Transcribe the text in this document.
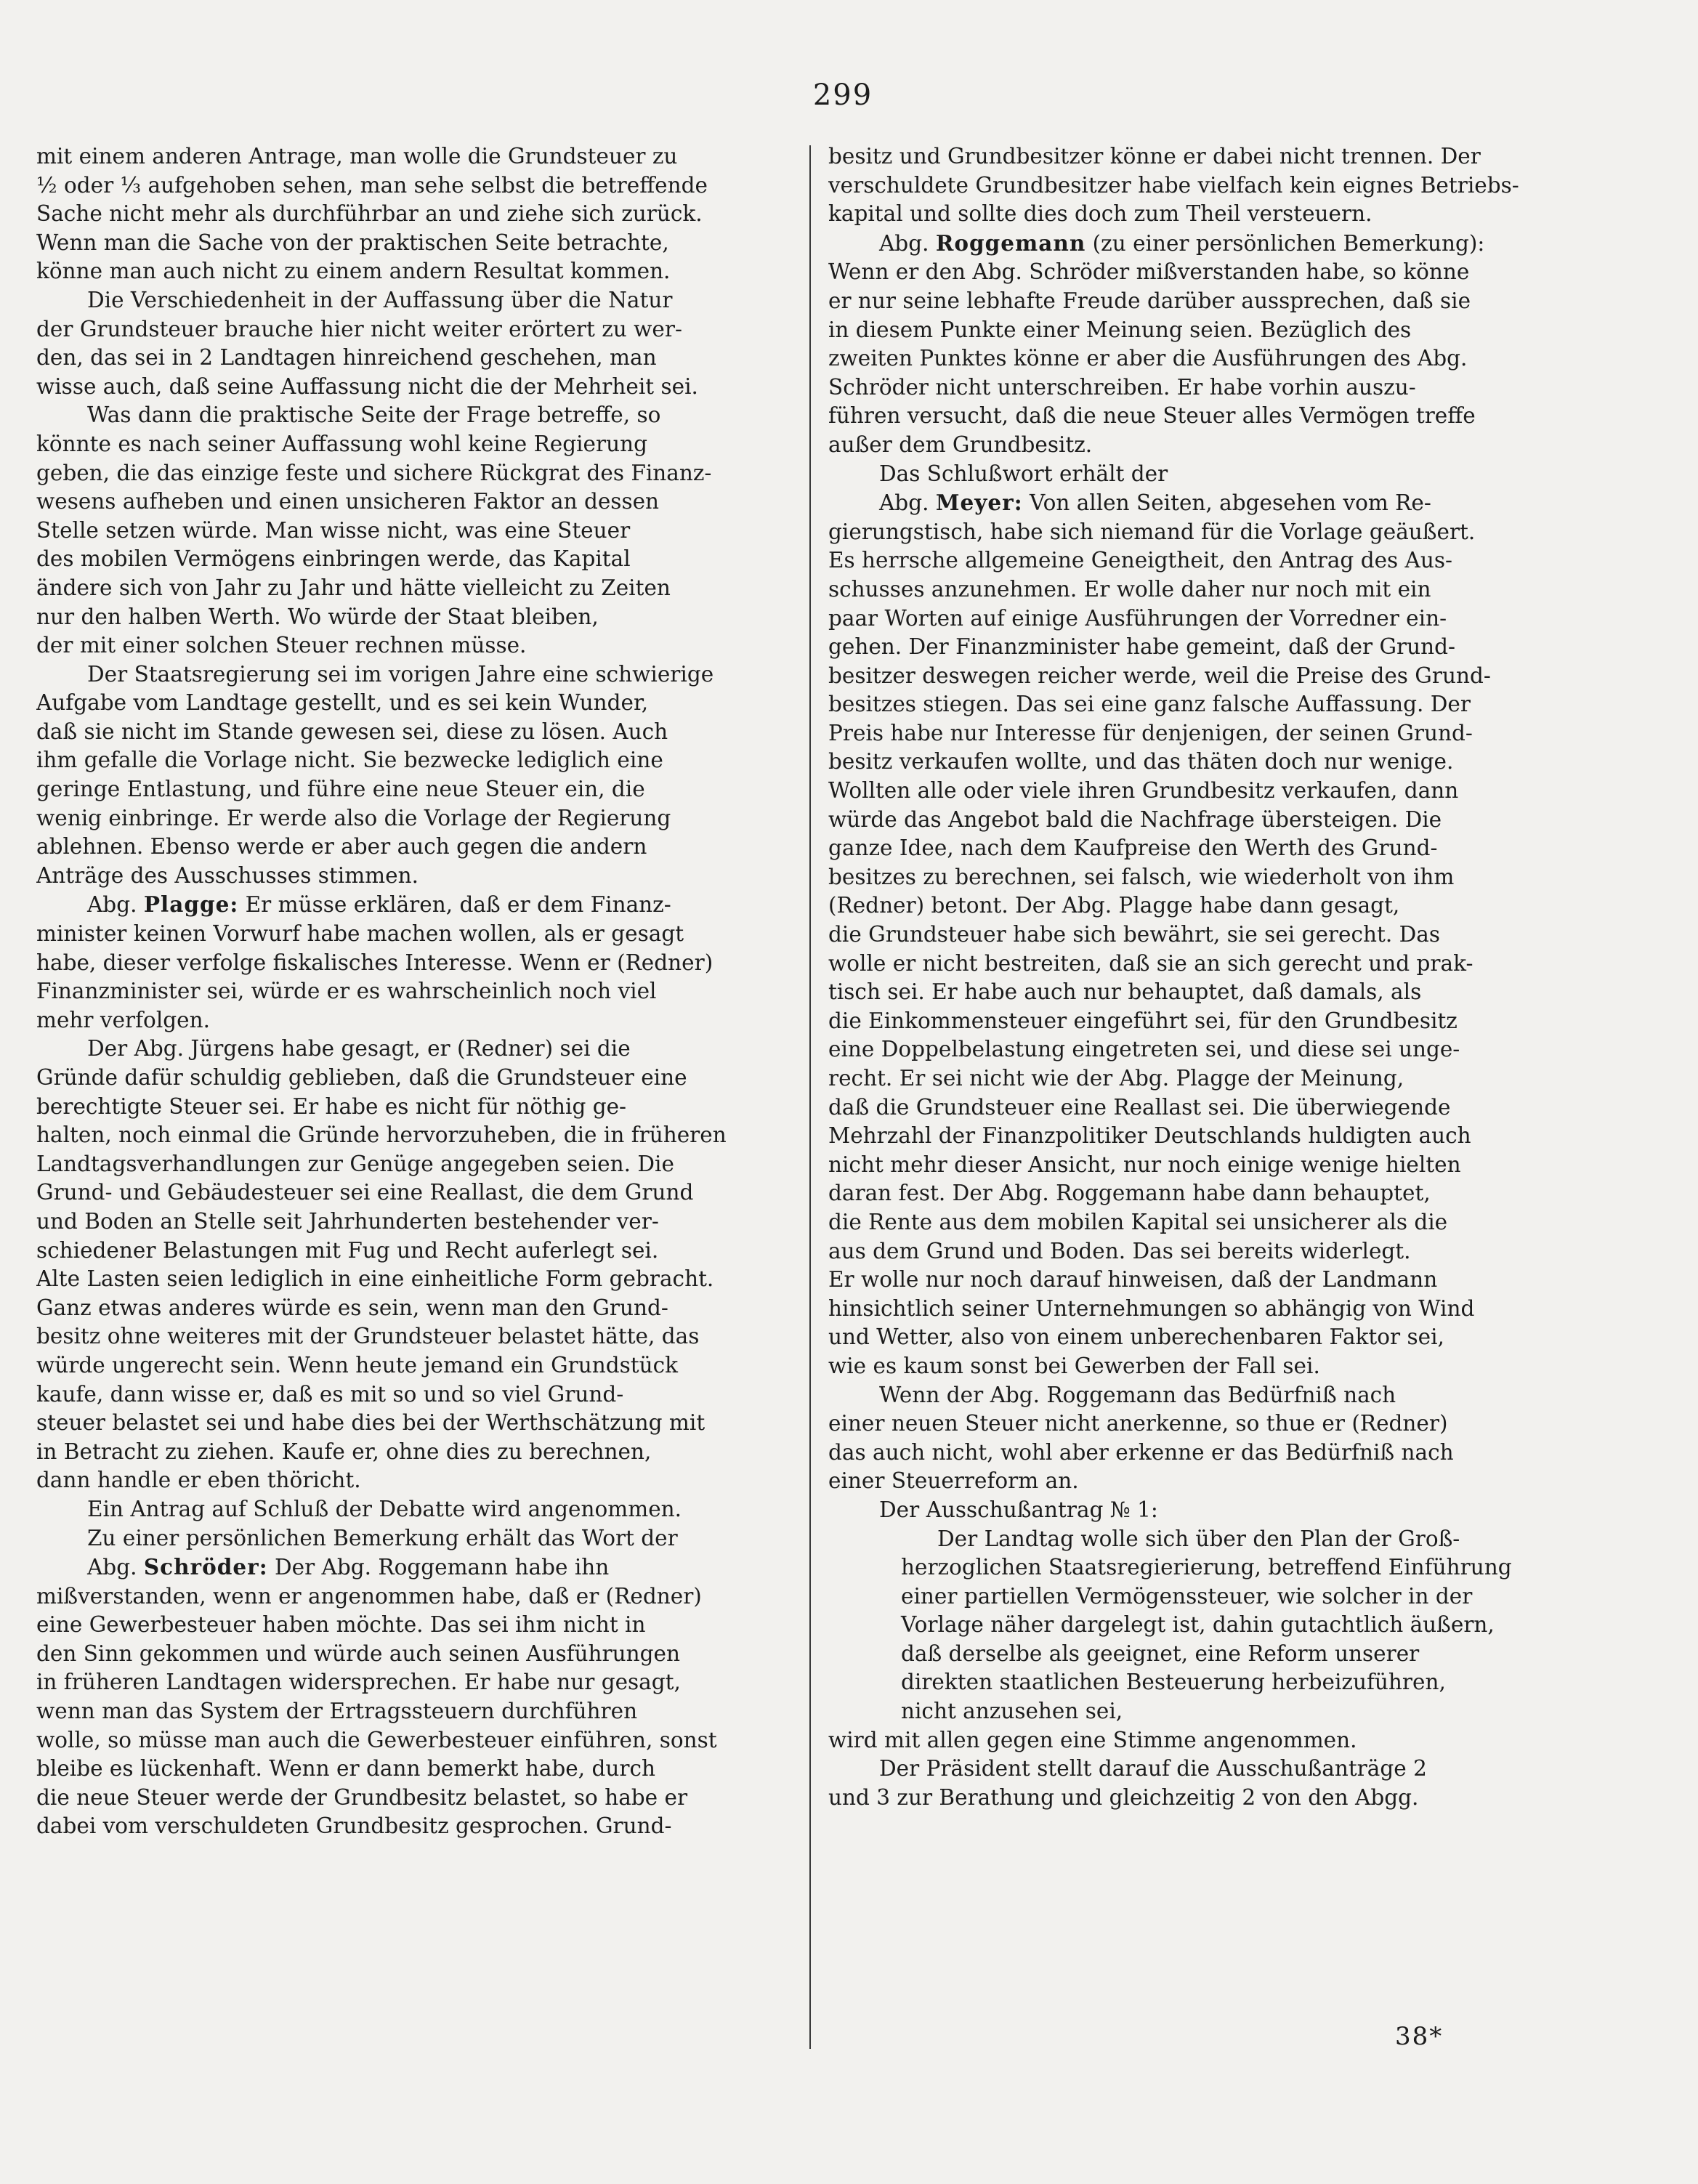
299
mit einem anderen Antrage, man wolle die Grundsteuer zu
½ oder ⅓ aufgehoben sehen, man sehe selbst die betreffende
Sache nicht mehr als durchführbar an und ziehe sich zurück.
Wenn man die Sache von der praktischen Seite betrachte,
könne man auch nicht zu einem andern Resultat kommen.
Die Verschiedenheit in der Auffassung über die Natur
der Grundsteuer brauche hier nicht weiter erörtert zu wer-
den, das sei in 2 Landtagen hinreichend geschehen, man
wisse auch, daß seine Auffassung nicht die der Mehrheit sei.
Was dann die praktische Seite der Frage betreffe, so
könnte es nach seiner Auffassung wohl keine Regierung
geben, die das einzige feste und sichere Rückgrat des Finanz-
wesens aufheben und einen unsicheren Faktor an dessen
Stelle setzen würde. Man wisse nicht, was eine Steuer
des mobilen Vermögens einbringen werde, das Kapital
ändere sich von Jahr zu Jahr und hätte vielleicht zu Zeiten
nur den halben Werth. Wo würde der Staat bleiben,
der mit einer solchen Steuer rechnen müsse.
Der Staatsregierung sei im vorigen Jahre eine schwierige
Aufgabe vom Landtage gestellt, und es sei kein Wunder,
daß sie nicht im Stande gewesen sei, diese zu lösen. Auch
ihm gefalle die Vorlage nicht. Sie bezwecke lediglich eine
geringe Entlastung, und führe eine neue Steuer ein, die
wenig einbringe. Er werde also die Vorlage der Regierung
ablehnen. Ebenso werde er aber auch gegen die andern
Anträge des Ausschusses stimmen.
Abg. Plagge: Er müsse erklären, daß er dem Finanz-
minister keinen Vorwurf habe machen wollen, als er gesagt
habe, dieser verfolge fiskalisches Interesse. Wenn er (Redner)
Finanzminister sei, würde er es wahrscheinlich noch viel
mehr verfolgen.
Der Abg. Jürgens habe gesagt, er (Redner) sei die
Gründe dafür schuldig geblieben, daß die Grundsteuer eine
berechtigte Steuer sei. Er habe es nicht für nöthig ge-
halten, noch einmal die Gründe hervorzuheben, die in früheren
Landtagsverhandlungen zur Genüge angegeben seien. Die
Grund- und Gebäudesteuer sei eine Reallast, die dem Grund
und Boden an Stelle seit Jahrhunderten bestehender ver-
schiedener Belastungen mit Fug und Recht auferlegt sei.
Alte Lasten seien lediglich in eine einheitliche Form gebracht.
Ganz etwas anderes würde es sein, wenn man den Grund-
besitz ohne weiteres mit der Grundsteuer belastet hätte, das
würde ungerecht sein. Wenn heute jemand ein Grundstück
kaufe, dann wisse er, daß es mit so und so viel Grund-
steuer belastet sei und habe dies bei der Werthschätzung mit
in Betracht zu ziehen. Kaufe er, ohne dies zu berechnen,
dann handle er eben thöricht.
Ein Antrag auf Schluß der Debatte wird angenommen.
Zu einer persönlichen Bemerkung erhält das Wort der
Abg. Schröder: Der Abg. Roggemann habe ihn
mißverstanden, wenn er angenommen habe, daß er (Redner)
eine Gewerbesteuer haben möchte. Das sei ihm nicht in
den Sinn gekommen und würde auch seinen Ausführungen
in früheren Landtagen widersprechen. Er habe nur gesagt,
wenn man das System der Ertragssteuern durchführen
wolle, so müsse man auch die Gewerbesteuer einführen, sonst
bleibe es lückenhaft. Wenn er dann bemerkt habe, durch
die neue Steuer werde der Grundbesitz belastet, so habe er
dabei vom verschuldeten Grundbesitz gesprochen. Grund-
besitz und Grundbesitzer könne er dabei nicht trennen. Der
verschuldete Grundbesitzer habe vielfach kein eignes Betriebs-
kapital und sollte dies doch zum Theil versteuern.
Abg. Roggemann (zu einer persönlichen Bemerkung):
Wenn er den Abg. Schröder mißverstanden habe, so könne
er nur seine lebhafte Freude darüber aussprechen, daß sie
in diesem Punkte einer Meinung seien. Bezüglich des
zweiten Punktes könne er aber die Ausführungen des Abg.
Schröder nicht unterschreiben. Er habe vorhin auszu-
führen versucht, daß die neue Steuer alles Vermögen treffe
außer dem Grundbesitz.
Das Schlußwort erhält der
Abg. Meyer: Von allen Seiten, abgesehen vom Re-
gierungstisch, habe sich niemand für die Vorlage geäußert.
Es herrsche allgemeine Geneigtheit, den Antrag des Aus-
schusses anzunehmen. Er wolle daher nur noch mit ein
paar Worten auf einige Ausführungen der Vorredner ein-
gehen. Der Finanzminister habe gemeint, daß der Grund-
besitzer deswegen reicher werde, weil die Preise des Grund-
besitzes stiegen. Das sei eine ganz falsche Auffassung. Der
Preis habe nur Interesse für denjenigen, der seinen Grund-
besitz verkaufen wollte, und das thäten doch nur wenige.
Wollten alle oder viele ihren Grundbesitz verkaufen, dann
würde das Angebot bald die Nachfrage übersteigen. Die
ganze Idee, nach dem Kaufpreise den Werth des Grund-
besitzes zu berechnen, sei falsch, wie wiederholt von ihm
(Redner) betont. Der Abg. Plagge habe dann gesagt,
die Grundsteuer habe sich bewährt, sie sei gerecht. Das
wolle er nicht bestreiten, daß sie an sich gerecht und prak-
tisch sei. Er habe auch nur behauptet, daß damals, als
die Einkommensteuer eingeführt sei, für den Grundbesitz
eine Doppelbelastung eingetreten sei, und diese sei unge-
recht. Er sei nicht wie der Abg. Plagge der Meinung,
daß die Grundsteuer eine Reallast sei. Die überwiegende
Mehrzahl der Finanzpolitiker Deutschlands huldigten auch
nicht mehr dieser Ansicht, nur noch einige wenige hielten
daran fest. Der Abg. Roggemann habe dann behauptet,
die Rente aus dem mobilen Kapital sei unsicherer als die
aus dem Grund und Boden. Das sei bereits widerlegt.
Er wolle nur noch darauf hinweisen, daß der Landmann
hinsichtlich seiner Unternehmungen so abhängig von Wind
und Wetter, also von einem unberechenbaren Faktor sei,
wie es kaum sonst bei Gewerben der Fall sei.
Wenn der Abg. Roggemann das Bedürfniß nach
einer neuen Steuer nicht anerkenne, so thue er (Redner)
das auch nicht, wohl aber erkenne er das Bedürfniß nach
einer Steuerreform an.
Der Ausschußantrag № 1:
Der Landtag wolle sich über den Plan der Groß-
herzoglichen Staatsregierierung, betreffend Einführung
einer partiellen Vermögenssteuer, wie solcher in der
Vorlage näher dargelegt ist, dahin gutachtlich äußern,
daß derselbe als geeignet, eine Reform unserer
direkten staatlichen Besteuerung herbeizuführen,
nicht anzusehen sei,
wird mit allen gegen eine Stimme angenommen.
Der Präsident stellt darauf die Ausschußanträge 2
und 3 zur Berathung und gleichzeitig 2 von den Abgg.
38*
